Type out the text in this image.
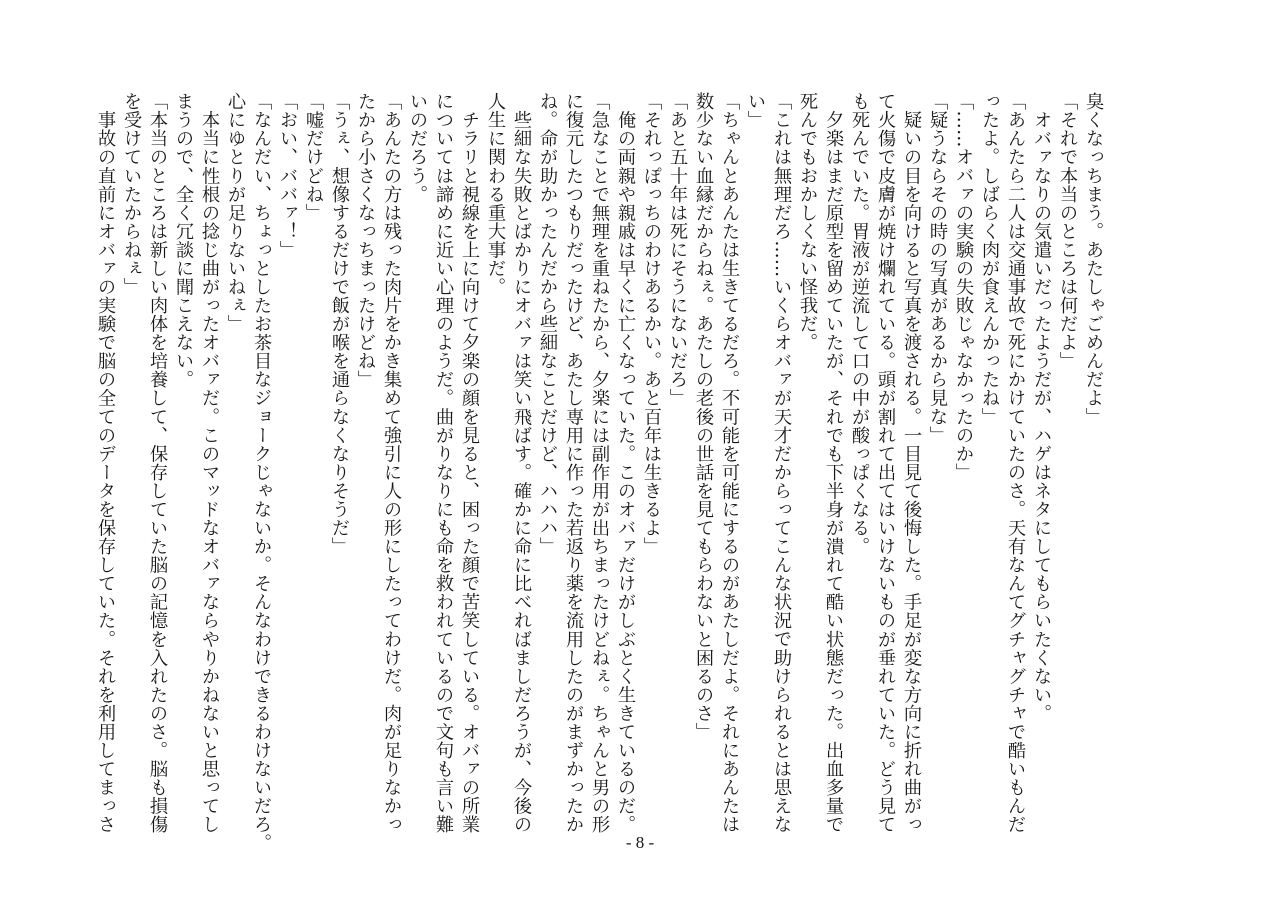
臭くなっちまう。あたしゃごめんだよ」

「それで本当のところは何だよ」

　オバァなりの気遣いだったようだが、ハゲはネタにしてもらいたくない。

「あんたら二人は交通事故で死にかけていたのさ。天有なんてグチャグチャで酷いもんだ

ったよ。しばらく肉が食えんかったね」

「……オバァの実験の失敗じゃなかったのか」

「疑うならその時の写真があるから見な」

　疑いの目を向けると写真を渡される。一目見て後悔した。手足が変な方向に折れ曲がっ

て火傷で皮膚が焼け爛れている。頭が割れて出てはいけないものが垂れていた。どう見て

も死んでいた。胃液が逆流して口の中が酸っぱくなる。

　夕楽はまだ原型を留めていたが、それでも下半身が潰れて酷い状態だった。出血多量で

死んでもおかしくない怪我だ。

「これは無理だろ……いくらオバァが天才だからってこんな状況で助けられるとは思えな

い」

「ちゃんとあんたは生きてるだろ。不可能を可能にするのがあたしだよ。それにあんたは

数少ない血縁だからねぇ。あたしの老後の世話を見てもらわないと困るのさ」

「あと五十年は死にそうにないだろ」

「それっぽっちのわけあるかい。あと百年は生きるよ」

　俺の両親や親戚は早くに亡くなっていた。このオバァだけがしぶとく生きているのだ。

「急なことで無理を重ねたから、夕楽には副作用が出ちまったけどねぇ。ちゃんと男の形

に復元したつもりだったけど、あたし専用に作った若返り薬を流用したのがまずかったか

ね。命が助かったんだから些細なことだけど、ハハハ」

　些細な失敗とばかりにオバァは笑い飛ばす。確かに命に比べればましだろうが、今後の

人生に関わる重大事だ。

　チラリと視線を上に向けて夕楽の顔を見ると、困った顔で苦笑している。オバァの所業

については諦めに近い心理のようだ。曲がりなりにも命を救われているので文句も言い難

いのだろう。

「あんたの方は残った肉片をかき集めて強引に人の形にしたってわけだ。肉が足りなかっ

たから小さくなっちまったけどね」

「うぇ、想像するだけで飯が喉を通らなくなりそうだ」

「嘘だけどね」

「おい、ババァ！」

「なんだい、ちょっとしたお茶目なジョークじゃないか。そんなわけできるわけないだろ。

心にゆとりが足りないねぇ」

　本当に性根の捻じ曲がったオバァだ。このマッドなオバァならやりかねないと思ってし

まうので、全く冗談に聞こえない。

「本当のところは新しい肉体を培養して、保存していた脳の記憶を入れたのさ。脳も損傷

を受けていたからねぇ」

　事故の直前にオバァの実験で脳の全てのデータを保存していた。それを利用してまっさ

- 8 -
